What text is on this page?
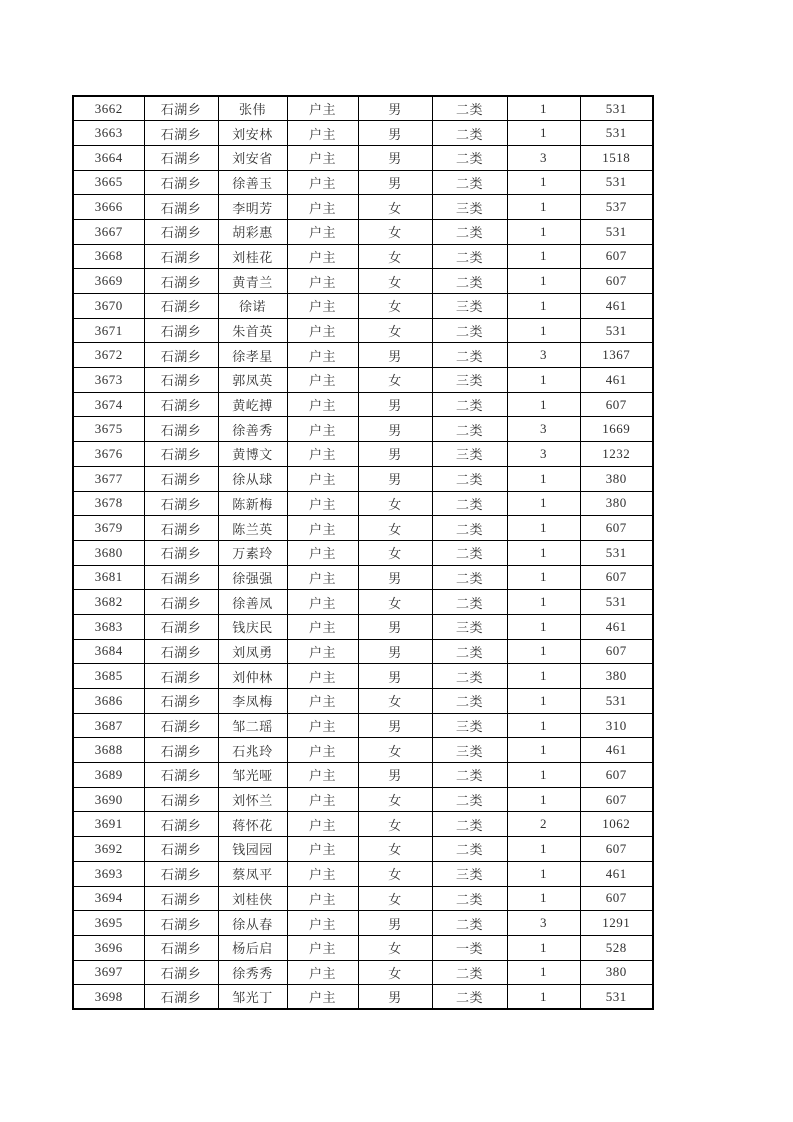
3662	石湖乡	张伟	户主	男	二类	1	531
3663	石湖乡	刘安林	户主	男	二类	1	531
3664	石湖乡	刘安省	户主	男	二类	3	1518
3665	石湖乡	徐善玉	户主	男	二类	1	531
3666	石湖乡	李明芳	户主	女	三类	1	537
3667	石湖乡	胡彩惠	户主	女	二类	1	531
3668	石湖乡	刘桂花	户主	女	二类	1	607
3669	石湖乡	黄青兰	户主	女	二类	1	607
3670	石湖乡	徐诺	户主	女	三类	1	461
3671	石湖乡	朱首英	户主	女	二类	1	531
3672	石湖乡	徐孝星	户主	男	二类	3	1367
3673	石湖乡	郭凤英	户主	女	三类	1	461
3674	石湖乡	黄屹搏	户主	男	二类	1	607
3675	石湖乡	徐善秀	户主	男	二类	3	1669
3676	石湖乡	黄博文	户主	男	三类	3	1232
3677	石湖乡	徐从球	户主	男	二类	1	380
3678	石湖乡	陈新梅	户主	女	二类	1	380
3679	石湖乡	陈兰英	户主	女	二类	1	607
3680	石湖乡	万素玲	户主	女	二类	1	531
3681	石湖乡	徐强强	户主	男	二类	1	607
3682	石湖乡	徐善凤	户主	女	二类	1	531
3683	石湖乡	钱庆民	户主	男	三类	1	461
3684	石湖乡	刘凤勇	户主	男	二类	1	607
3685	石湖乡	刘仲林	户主	男	二类	1	380
3686	石湖乡	李凤梅	户主	女	二类	1	531
3687	石湖乡	邹二瑶	户主	男	三类	1	310
3688	石湖乡	石兆玲	户主	女	三类	1	461
3689	石湖乡	邹光哑	户主	男	二类	1	607
3690	石湖乡	刘怀兰	户主	女	二类	1	607
3691	石湖乡	蒋怀花	户主	女	二类	2	1062
3692	石湖乡	钱园园	户主	女	二类	1	607
3693	石湖乡	蔡凤平	户主	女	三类	1	461
3694	石湖乡	刘桂侠	户主	女	二类	1	607
3695	石湖乡	徐从春	户主	男	二类	3	1291
3696	石湖乡	杨后启	户主	女	一类	1	528
3697	石湖乡	徐秀秀	户主	女	二类	1	380
3698	石湖乡	邹光丁	户主	男	二类	1	531
